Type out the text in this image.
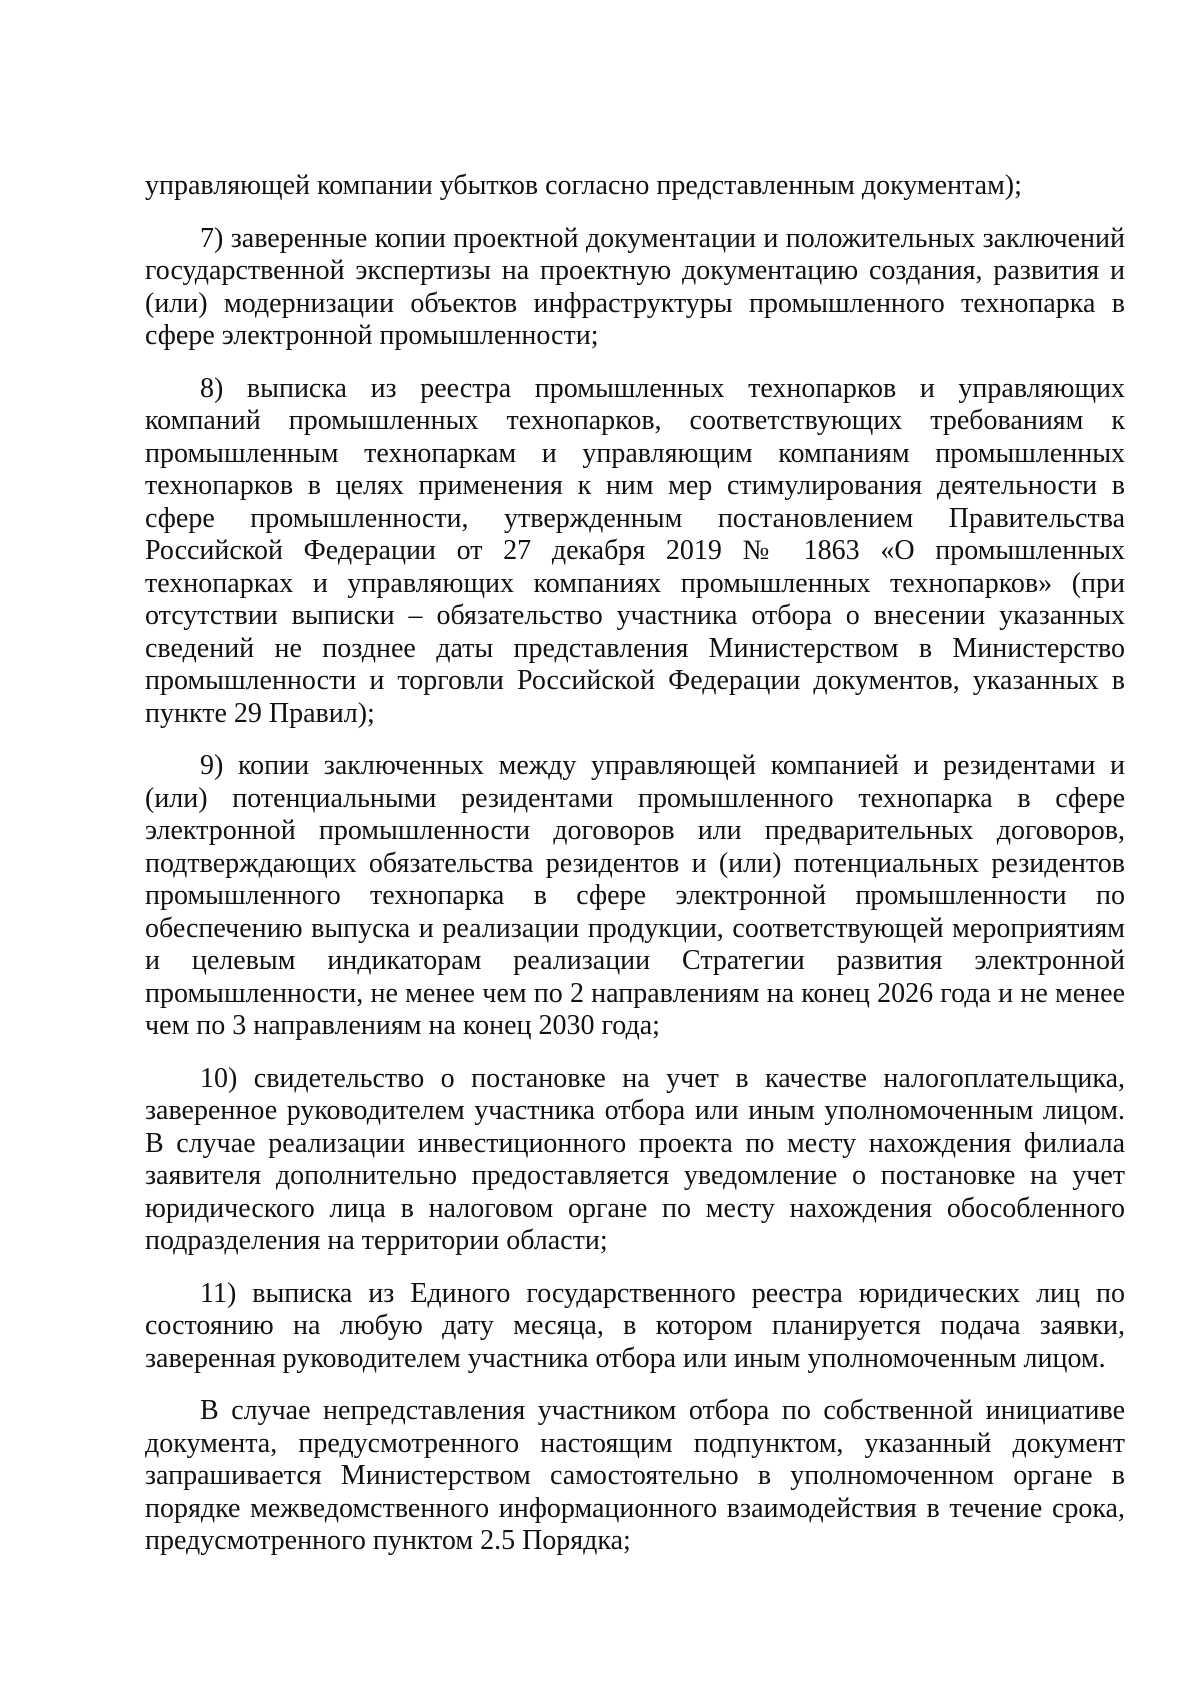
управляющей компании убытков согласно представленным документам);

7) заверенные копии проектной документации и положительных заключений государственной экспертизы на проектную документацию создания, развития и (или) модернизации объектов инфраструктуры промышленного технопарка в сфере электронной промышленности;

8) выписка из реестра промышленных технопарков и управляющих компаний промышленных технопарков, соответствующих требованиям к промышленным технопаркам и управляющим компаниям промышленных технопарков в целях применения к ним мер стимулирования деятельности в сфере промышленности, утвержденным постановлением Правительства Российской Федерации от 27 декабря 2019 № 1863 «О промышленных технопарках и управляющих компаниях промышленных технопарков» (при отсутствии выписки – обязательство участника отбора о внесении указанных сведений не позднее даты представления Министерством в Министерство промышленности и торговли Российской Федерации документов, указанных в пункте 29 Правил);

9) копии заключенных между управляющей компанией и резидентами и (или) потенциальными резидентами промышленного технопарка в сфере электронной промышленности договоров или предварительных договоров, подтверждающих обязательства резидентов и (или) потенциальных резидентов промышленного технопарка в сфере электронной промышленности по обеспечению выпуска и реализации продукции, соответствующей мероприятиям и целевым индикаторам реализации Стратегии развития электронной промышленности, не менее чем по 2 направлениям на конец 2026 года и не менее чем по 3 направлениям на конец 2030 года;

10) свидетельство о постановке на учет в качестве налогоплательщика, заверенное руководителем участника отбора или иным уполномоченным лицом. В случае реализации инвестиционного проекта по месту нахождения филиала заявителя дополнительно предоставляется уведомление о постановке на учет юридического лица в налоговом органе по месту нахождения обособленного подразделения на территории области;

11) выписка из Единого государственного реестра юридических лиц по состоянию на любую дату месяца, в котором планируется подача заявки, заверенная руководителем участника отбора или иным уполномоченным лицом.

В случае непредставления участником отбора по собственной инициативе документа, предусмотренного настоящим подпунктом, указанный документ запрашивается Министерством самостоятельно в уполномоченном органе в порядке межведомственного информационного взаимодействия в течение срока, предусмотренного пунктом 2.5 Порядка;
